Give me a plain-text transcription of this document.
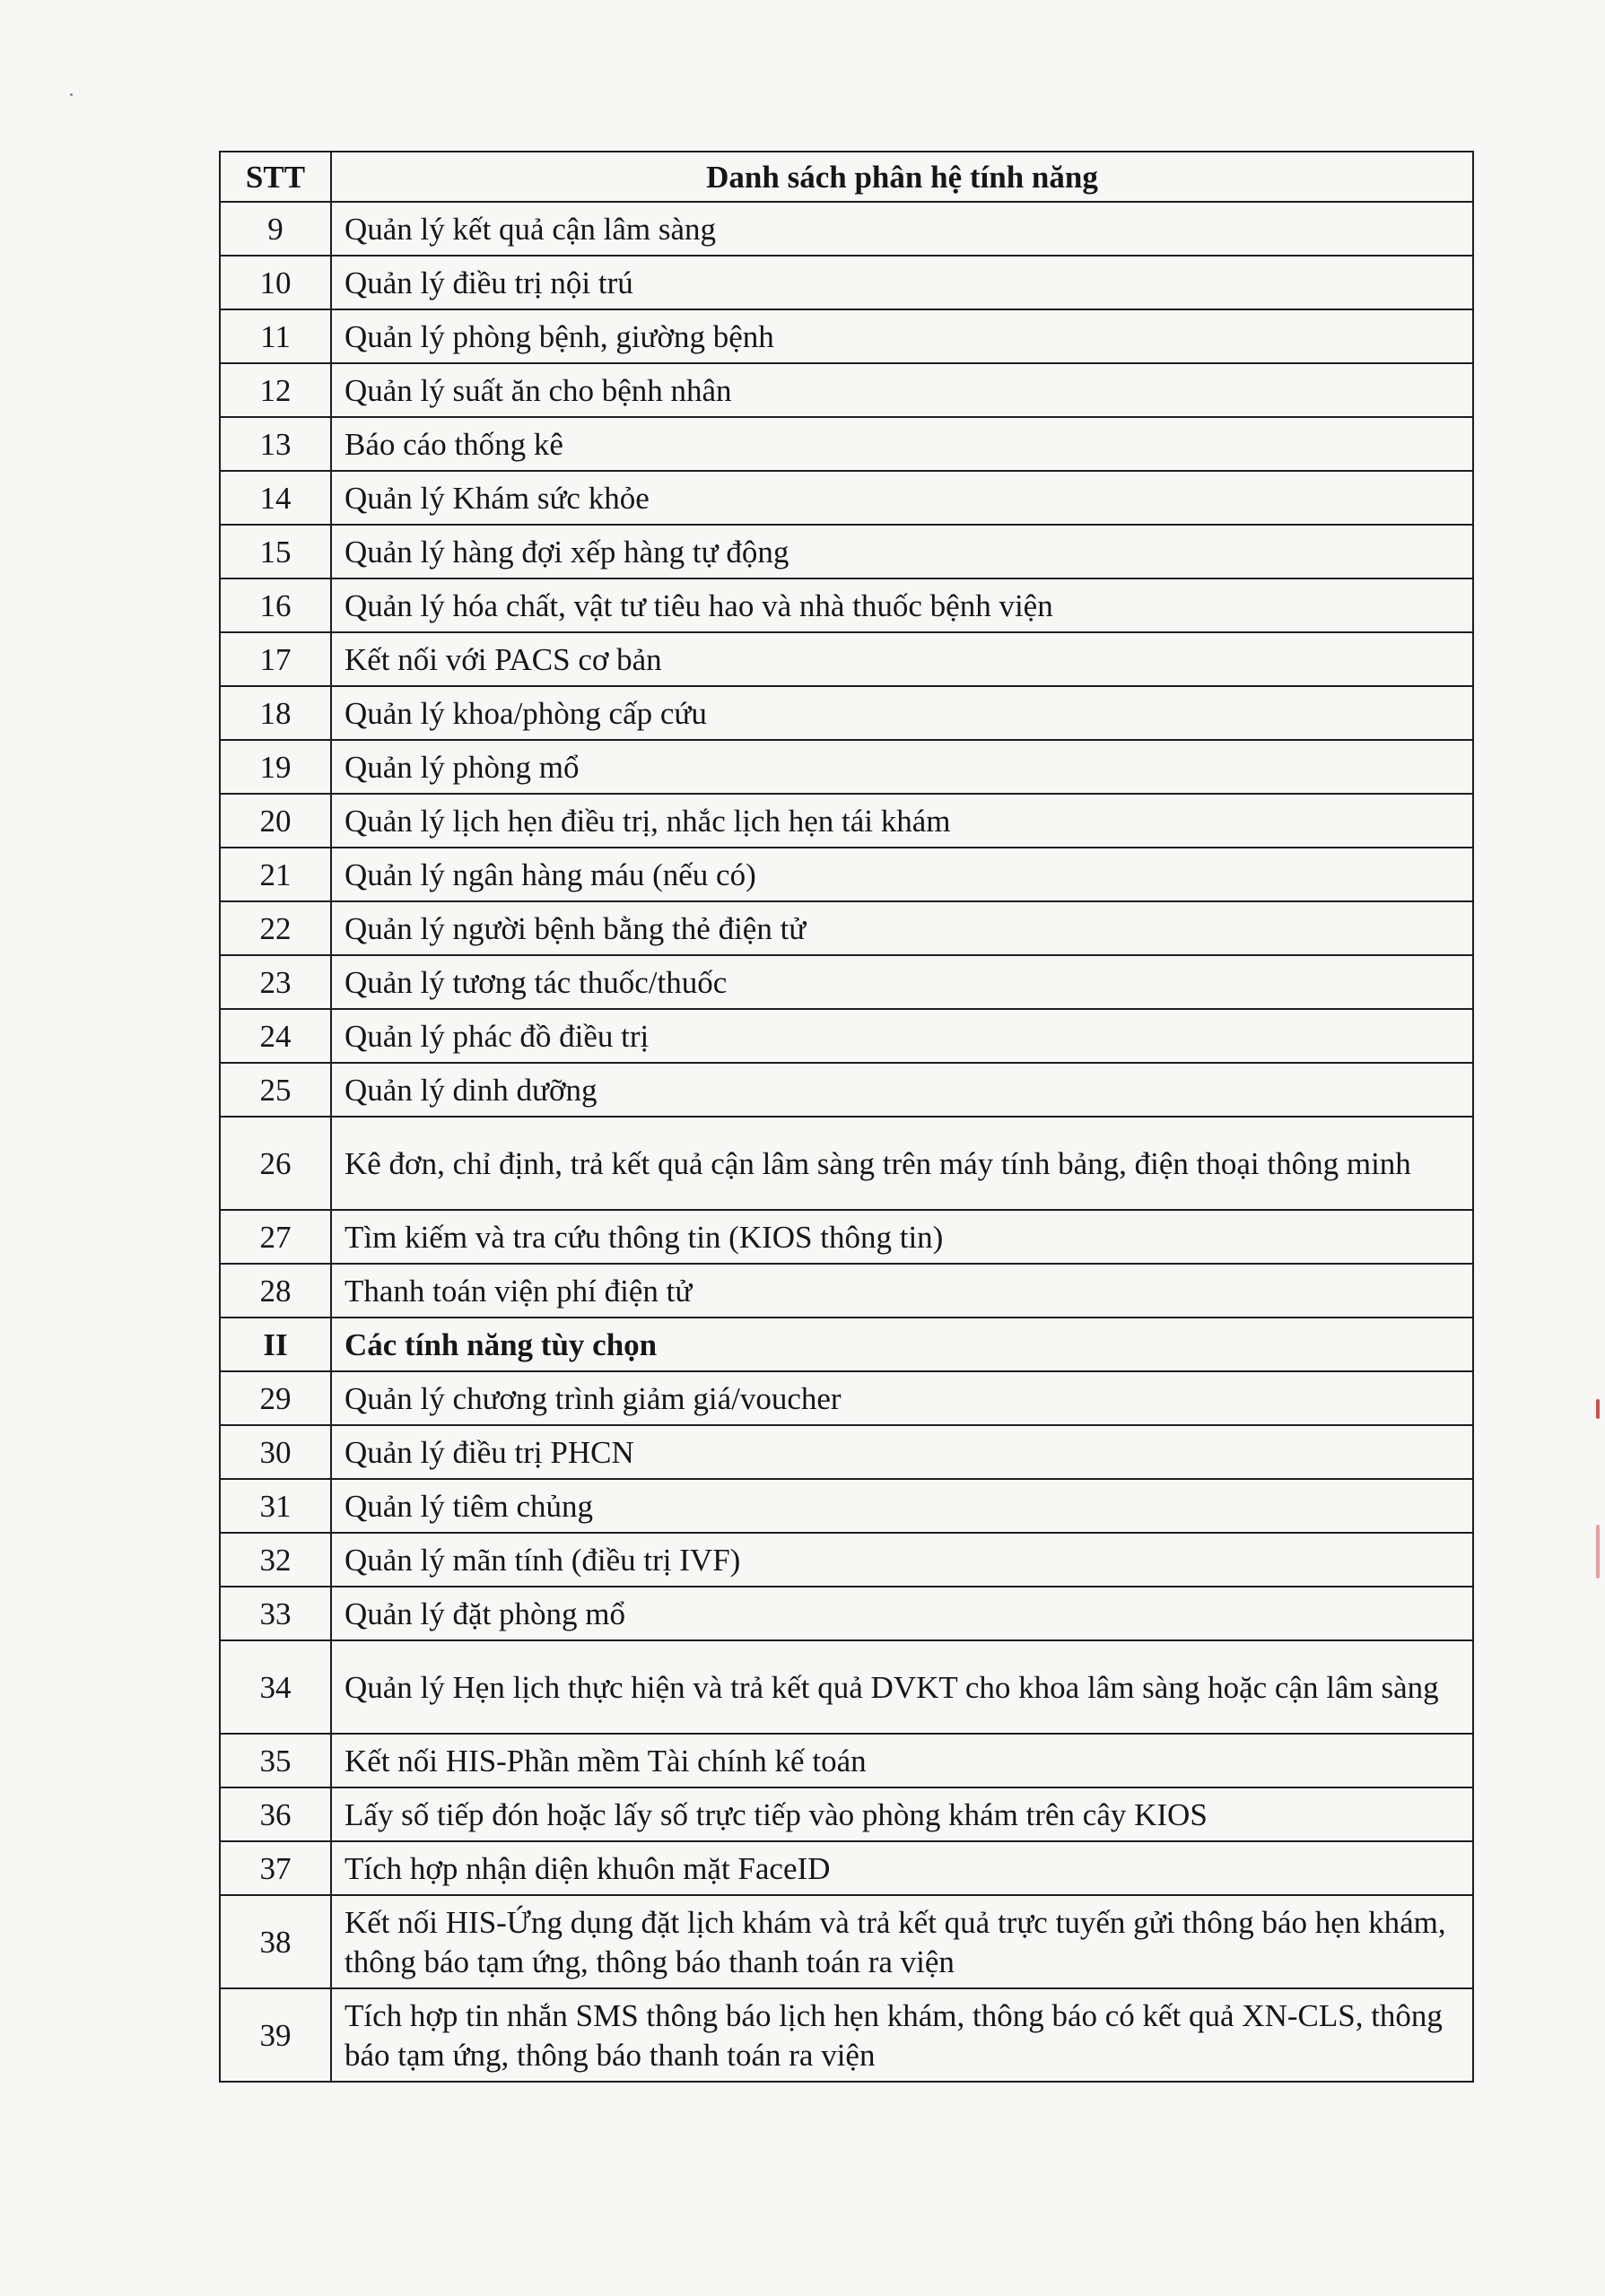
STT	Danh sách phân hệ tính năng
9	Quản lý kết quả cận lâm sàng
10	Quản lý điều trị nội trú
11	Quản lý phòng bệnh, giường bệnh
12	Quản lý suất ăn cho bệnh nhân
13	Báo cáo thống kê
14	Quản lý Khám sức khỏe
15	Quản lý hàng đợi xếp hàng tự động
16	Quản lý hóa chất, vật tư tiêu hao và nhà thuốc bệnh viện
17	Kết nối với PACS cơ bản
18	Quản lý khoa/phòng cấp cứu
19	Quản lý phòng mổ
20	Quản lý lịch hẹn điều trị, nhắc lịch hẹn tái khám
21	Quản lý ngân hàng máu (nếu có)
22	Quản lý người bệnh bằng thẻ điện tử
23	Quản lý tương tác thuốc/thuốc
24	Quản lý phác đồ điều trị
25	Quản lý dinh dưỡng
26	Kê đơn, chỉ định, trả kết quả cận lâm sàng trên máy tính bảng, điện thoại thông minh
27	Tìm kiếm và tra cứu thông tin (KIOS thông tin)
28	Thanh toán viện phí điện tử
II	Các tính năng tùy chọn
29	Quản lý chương trình giảm giá/voucher
30	Quản lý điều trị PHCN
31	Quản lý tiêm chủng
32	Quản lý mãn tính (điều trị IVF)
33	Quản lý đặt phòng mổ
34	Quản lý Hẹn lịch thực hiện và trả kết quả DVKT cho khoa lâm sàng hoặc cận lâm sàng
35	Kết nối HIS-Phần mềm Tài chính kế toán
36	Lấy số tiếp đón hoặc lấy số trực tiếp vào phòng khám trên cây KIOS
37	Tích hợp nhận diện khuôn mặt FaceID
38	Kết nối HIS-Ứng dụng đặt lịch khám và trả kết quả trực tuyến gửi thông báo hẹn khám, thông báo tạm ứng, thông báo thanh toán ra viện
39	Tích hợp tin nhắn SMS thông báo lịch hẹn khám, thông báo có kết quả XN-CLS, thông báo tạm ứng, thông báo thanh toán ra viện
